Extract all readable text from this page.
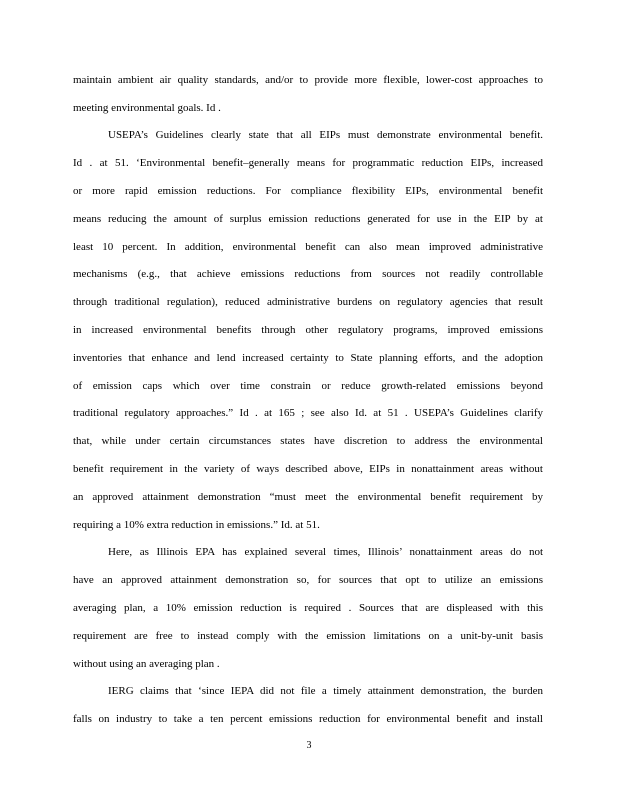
maintain ambient air quality standards, and/or to provide more flexible, lower-cost approaches to
meeting environmental goals. Id .
USEPA’s Guidelines clearly state that all EIPs must demonstrate environmental benefit.
Id . at 51. ‘Environmental benefit–generally means for programmatic reduction EIPs, increased
or more rapid emission reductions. For compliance flexibility EIPs, environmental benefit
means reducing the amount of surplus emission reductions generated for use in the EIP by at
least 10 percent. In addition, environmental benefit can also mean improved administrative
mechanisms (e.g., that achieve emissions reductions from sources not readily controllable
through traditional regulation), reduced administrative burdens on regulatory agencies that result
in increased environmental benefits through other regulatory programs, improved emissions
inventories that enhance and lend increased certainty to State planning efforts, and the adoption
of emission caps which over time constrain or reduce growth-related emissions beyond
traditional regulatory approaches.” Id . at 165 ; see also Id. at 51 . USEPA’s Guidelines clarify
that, while under certain circumstances states have discretion to address the environmental
benefit requirement in the variety of ways described above, EIPs in nonattainment areas without
an approved attainment demonstration “must meet the environmental benefit requirement by
requiring a 10% extra reduction in emissions.” Id. at 51.
Here, as Illinois EPA has explained several times, Illinois’ nonattainment areas do not
have an approved attainment demonstration so, for sources that opt to utilize an emissions
averaging plan, a 10% emission reduction is required . Sources that are displeased with this
requirement are free to instead comply with the emission limitations on a unit-by-unit basis
without using an averaging plan .
IERG claims that ‘since IEPA did not file a timely attainment demonstration, the burden
falls on industry to take a ten percent emissions reduction for environmental benefit and install
3
